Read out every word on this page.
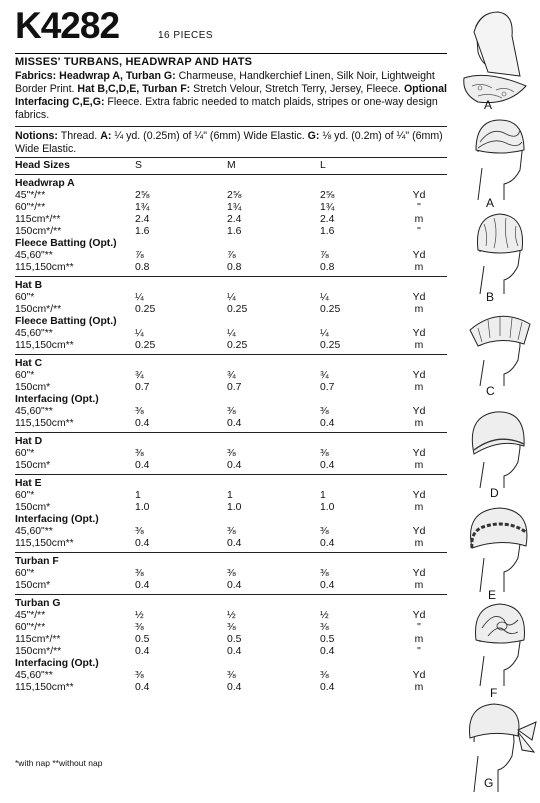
K4282	16 PIECES
MISSES' TURBANS, HEADWRAP AND HATS
Fabrics: Headwrap A, Turban G: Charmeuse, Handkerchief Linen, Silk Noir, Lightweight Border Print. Hat B,C,D,E, Turban F: Stretch Velour, Stretch Terry, Jersey, Fleece. Optional Interfacing C,E,G: Fleece. Extra fabric needed to match plaids, stripes or one-way design fabrics.
Notions: Thread. A: ¼ yd. (0.25m) of ¼" (6mm) Wide Elastic. G: ⅛ yd. (0.2m) of ¼" (6mm) Wide Elastic.
Head Sizes	S	M	L
Headwrap A
45"*/**	2⅝	2⅝	2⅝	Yd
60"*/**	1¾	1¾	1¾	"
115cm*/**	2.4	2.4	2.4	m
150cm*/**	1.6	1.6	1.6	"
Fleece Batting (Opt.)
45,60"**	⅞	⅞	⅞	Yd
115,150cm**	0.8	0.8	0.8	m
Hat B
60"*	¼	¼	¼	Yd
150cm*/**	0.25	0.25	0.25	m
Fleece Batting (Opt.)
45,60"**	¼	¼	¼	Yd
115,150cm**	0.25	0.25	0.25	m
Hat C
60"*	¾	¾	¾	Yd
150cm*	0.7	0.7	0.7	m
Interfacing (Opt.)
45,60"**	⅜	⅜	⅜	Yd
115,150cm**	0.4	0.4	0.4	m
Hat D
60"*	⅜	⅜	⅜	Yd
150cm*	0.4	0.4	0.4	m
Hat E
60"*	1	1	1	Yd
150cm*	1.0	1.0	1.0	m
Interfacing (Opt.)
45,60"**	⅜	⅜	⅜	Yd
115,150cm**	0.4	0.4	0.4	m
Turban F
60"*	⅜	⅜	⅜	Yd
150cm*	0.4	0.4	0.4	m
Turban G
45"*/**	½	½	½	Yd
60"*/**	⅜	⅜	⅜	"
115cm*/**	0.5	0.5	0.5	m
150cm*/**	0.4	0.4	0.4	"
Interfacing (Opt.)
45,60"**	⅜	⅜	⅜	Yd
115,150cm**	0.4	0.4	0.4	m
*with nap **without nap
A
A
B
C
D
E
F
G
